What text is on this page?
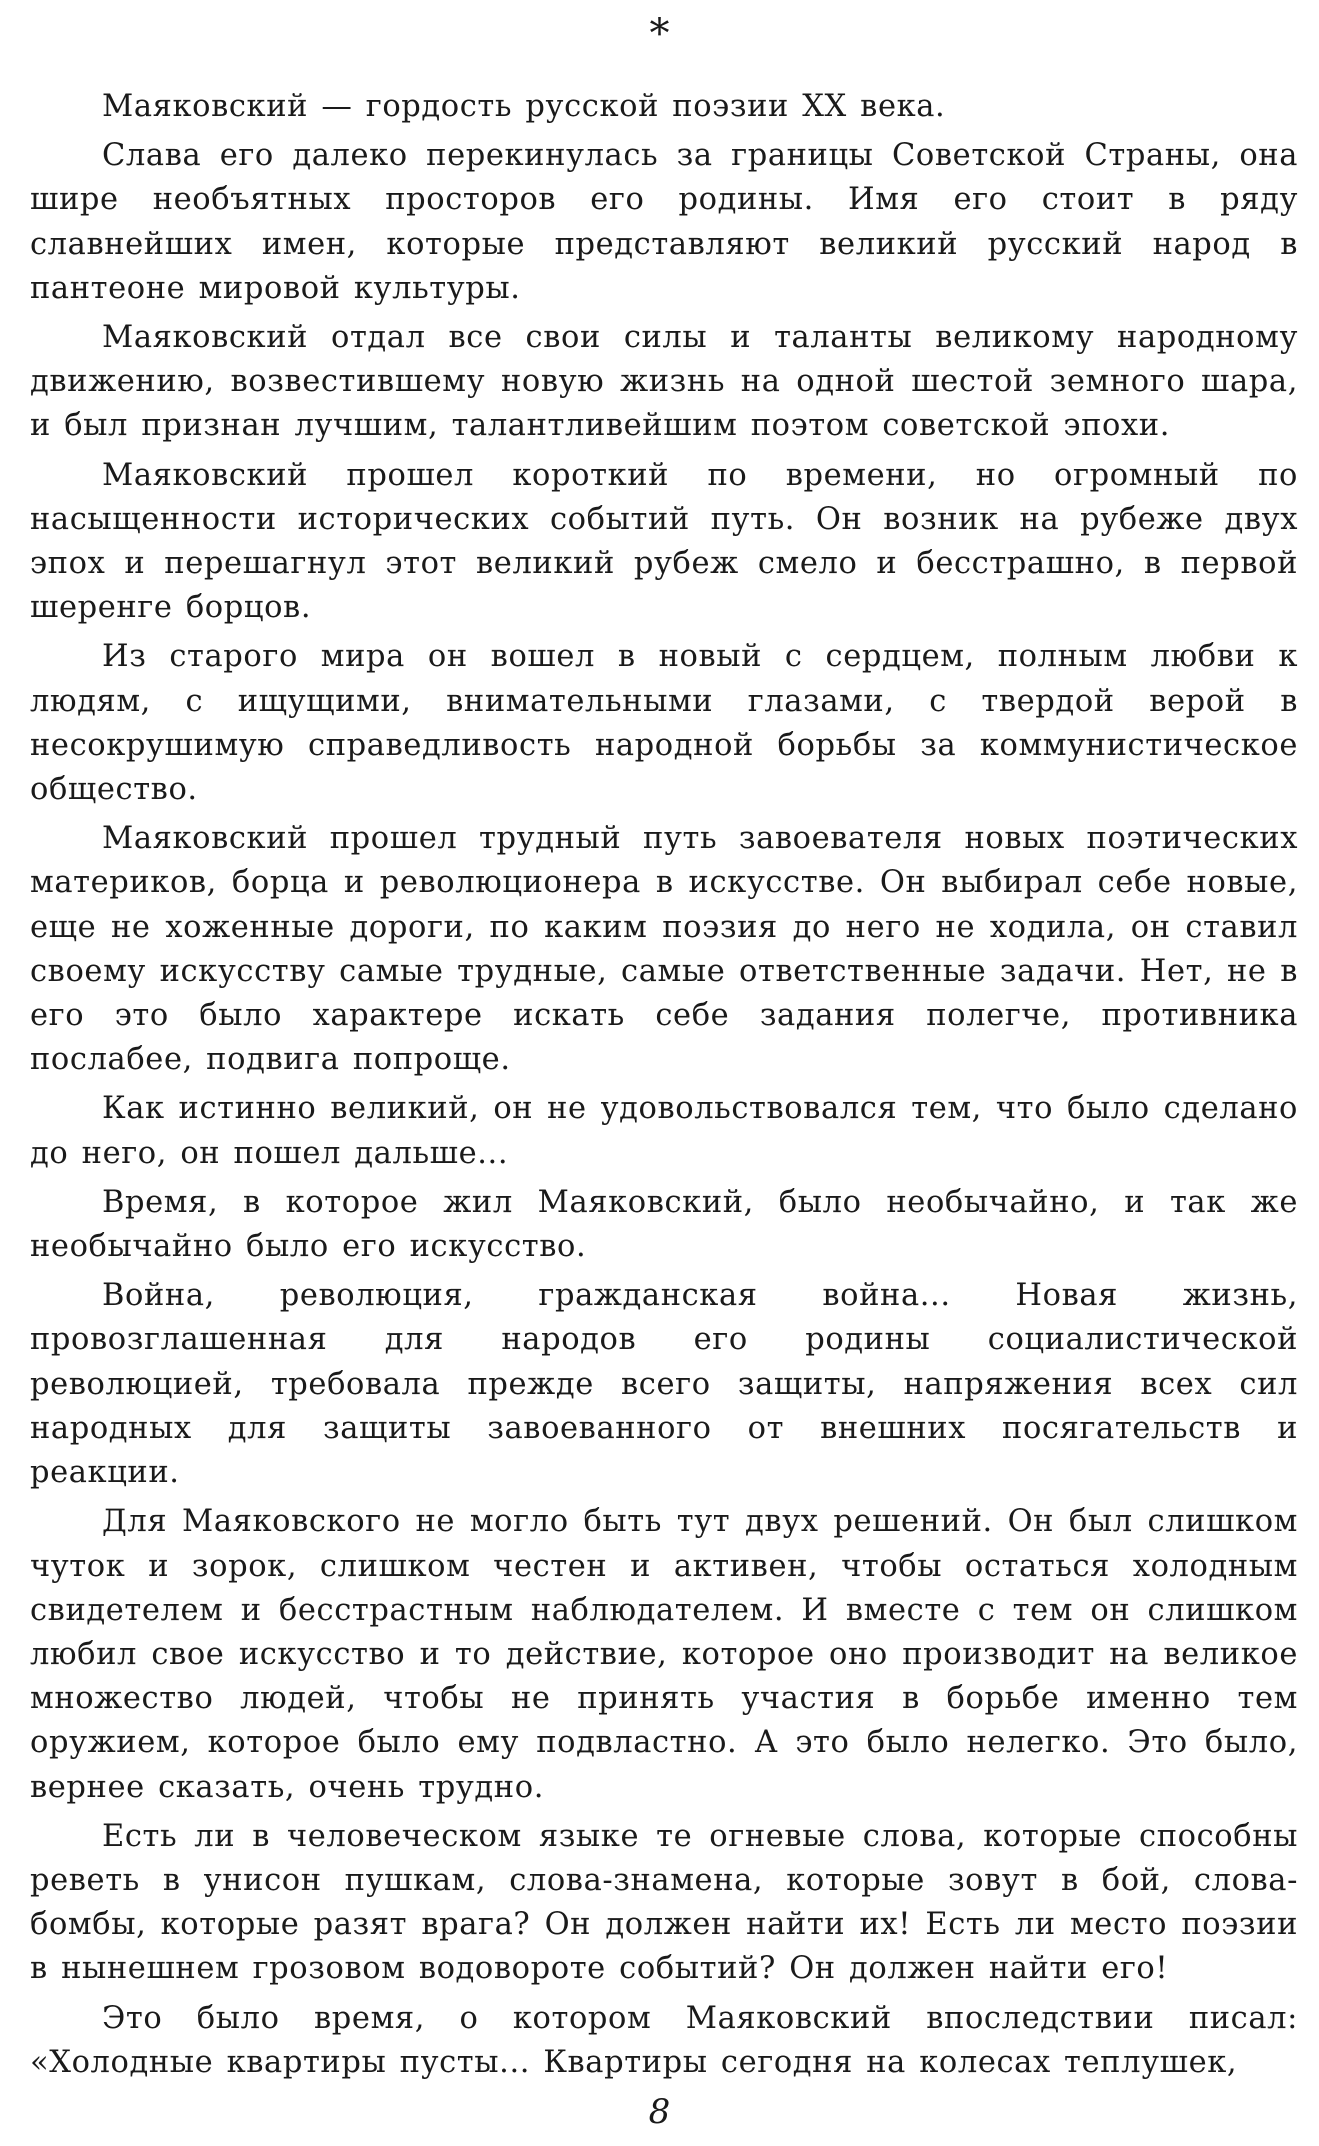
*

Маяковский — гордость русской поэзии XX века.

Слава его далеко перекинулась за границы Советской Страны, она шире необъятных просторов его родины. Имя его стоит в ряду славнейших имен, которые представляют великий русский народ в пантеоне мировой культуры.

Маяковский отдал все свои силы и таланты великому народному движению, возвестившему новую жизнь на одной шестой земного шара, и был признан лучшим, талантливейшим поэтом советской эпохи.

Маяковский прошел короткий по времени, но огромный по насыщенности исторических событий путь. Он возник на рубеже двух эпох и перешагнул этот великий рубеж смело и бесстрашно, в первой шеренге борцов.

Из старого мира он вошел в новый с сердцем, полным любви к людям, с ищущими, внимательными глазами, с твердой верой в несокрушимую справедливость народной борьбы за коммунистическое общество.

Маяковский прошел трудный путь завоевателя новых поэтических материков, борца и революционера в искусстве. Он выбирал себе новые, еще не хоженные дороги, по каким поэзия до него не ходила, он ставил своему искусству самые трудные, самые ответственные задачи. Нет, не в его это было характере искать себе задания полегче, противника послабее, подвига попроще.

Как истинно великий, он не удовольствовался тем, что было сделано до него, он пошел дальше...

Время, в которое жил Маяковский, было необычайно, и так же необычайно было его искусство.

Война, революция, гражданская война... Новая жизнь, провозглашенная для народов его родины социалистической революцией, требовала прежде всего защиты, напряжения всех сил народных для защиты завоеванного от внешних посягательств и реакции.

Для Маяковского не могло быть тут двух решений. Он был слишком чуток и зорок, слишком честен и активен, чтобы остаться холодным свидетелем и бесстрастным наблюдателем. И вместе с тем он слишком любил свое искусство и то действие, которое оно производит на великое множество людей, чтобы не принять участия в борьбе именно тем оружием, которое было ему подвластно. А это было нелегко. Это было, вернее сказать, очень трудно.

Есть ли в человеческом языке те огневые слова, которые способны реветь в унисон пушкам, слова-знамена, которые зовут в бой, слова-бомбы, которые разят врага? Он должен найти их! Есть ли место поэзии в нынешнем грозовом водовороте событий? Он должен найти его!

Это было время, о котором Маяковский впоследствии писал: «Холодные квартиры пусты... Квартиры сегодня на колесах теплушек,

8
